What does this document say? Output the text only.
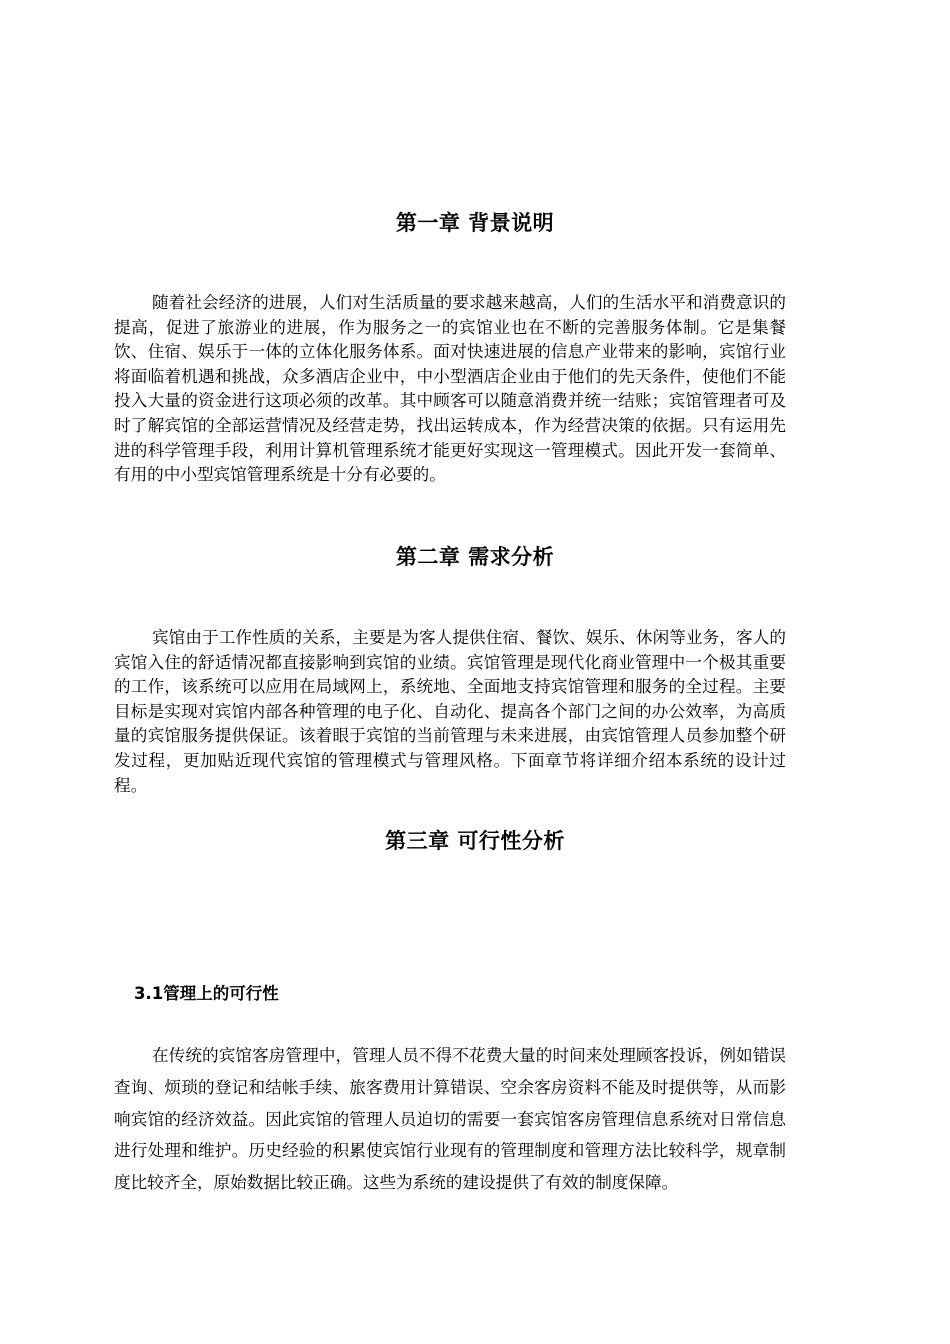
第一章 背景说明

随着社会经济的进展，人们对生活质量的要求越来越高，人们的生活水平和消费意识的提高，促进了旅游业的进展，作为服务之一的宾馆业也在不断的完善服务体制。它是集餐饮、住宿、娱乐于一体的立体化服务体系。面对快速进展的信息产业带来的影响，宾馆行业将面临着机遇和挑战，众多酒店企业中，中小型酒店企业由于他们的先天条件，使他们不能投入大量的资金进行这项必须的改革。其中顾客可以随意消费并统一结账；宾馆管理者可及时了解宾馆的全部运营情况及经营走势，找出运转成本，作为经营决策的依据。只有运用先进的科学管理手段，利用计算机管理系统才能更好实现这一管理模式。因此开发一套简单、有用的中小型宾馆管理系统是十分有必要的。

第二章 需求分析

宾馆由于工作性质的关系，主要是为客人提供住宿、餐饮、娱乐、休闲等业务，客人的宾馆入住的舒适情况都直接影响到宾馆的业绩。宾馆管理是现代化商业管理中一个极其重要的工作，该系统可以应用在局域网上，系统地、全面地支持宾馆管理和服务的全过程。主要目标是实现对宾馆内部各种管理的电子化、自动化、提高各个部门之间的办公效率，为高质量的宾馆服务提供保证。该着眼于宾馆的当前管理与未来进展，由宾馆管理人员参加整个研发过程，更加贴近现代宾馆的管理模式与管理风格。下面章节将详细介绍本系统的设计过程。

第三章 可行性分析
3.1管理上的可行性

在传统的宾馆客房管理中，管理人员不得不花费大量的时间来处理顾客投诉，例如错误查询、烦琐的登记和结帐手续、旅客费用计算错误、空余客房资料不能及时提供等，从而影响宾馆的经济效益。因此宾馆的管理人员迫切的需要一套宾馆客房管理信息系统对日常信息进行处理和维护。历史经验的积累使宾馆行业现有的管理制度和管理方法比较科学，规章制度比较齐全，原始数据比较正确。这些为系统的建设提供了有效的制度保障。
